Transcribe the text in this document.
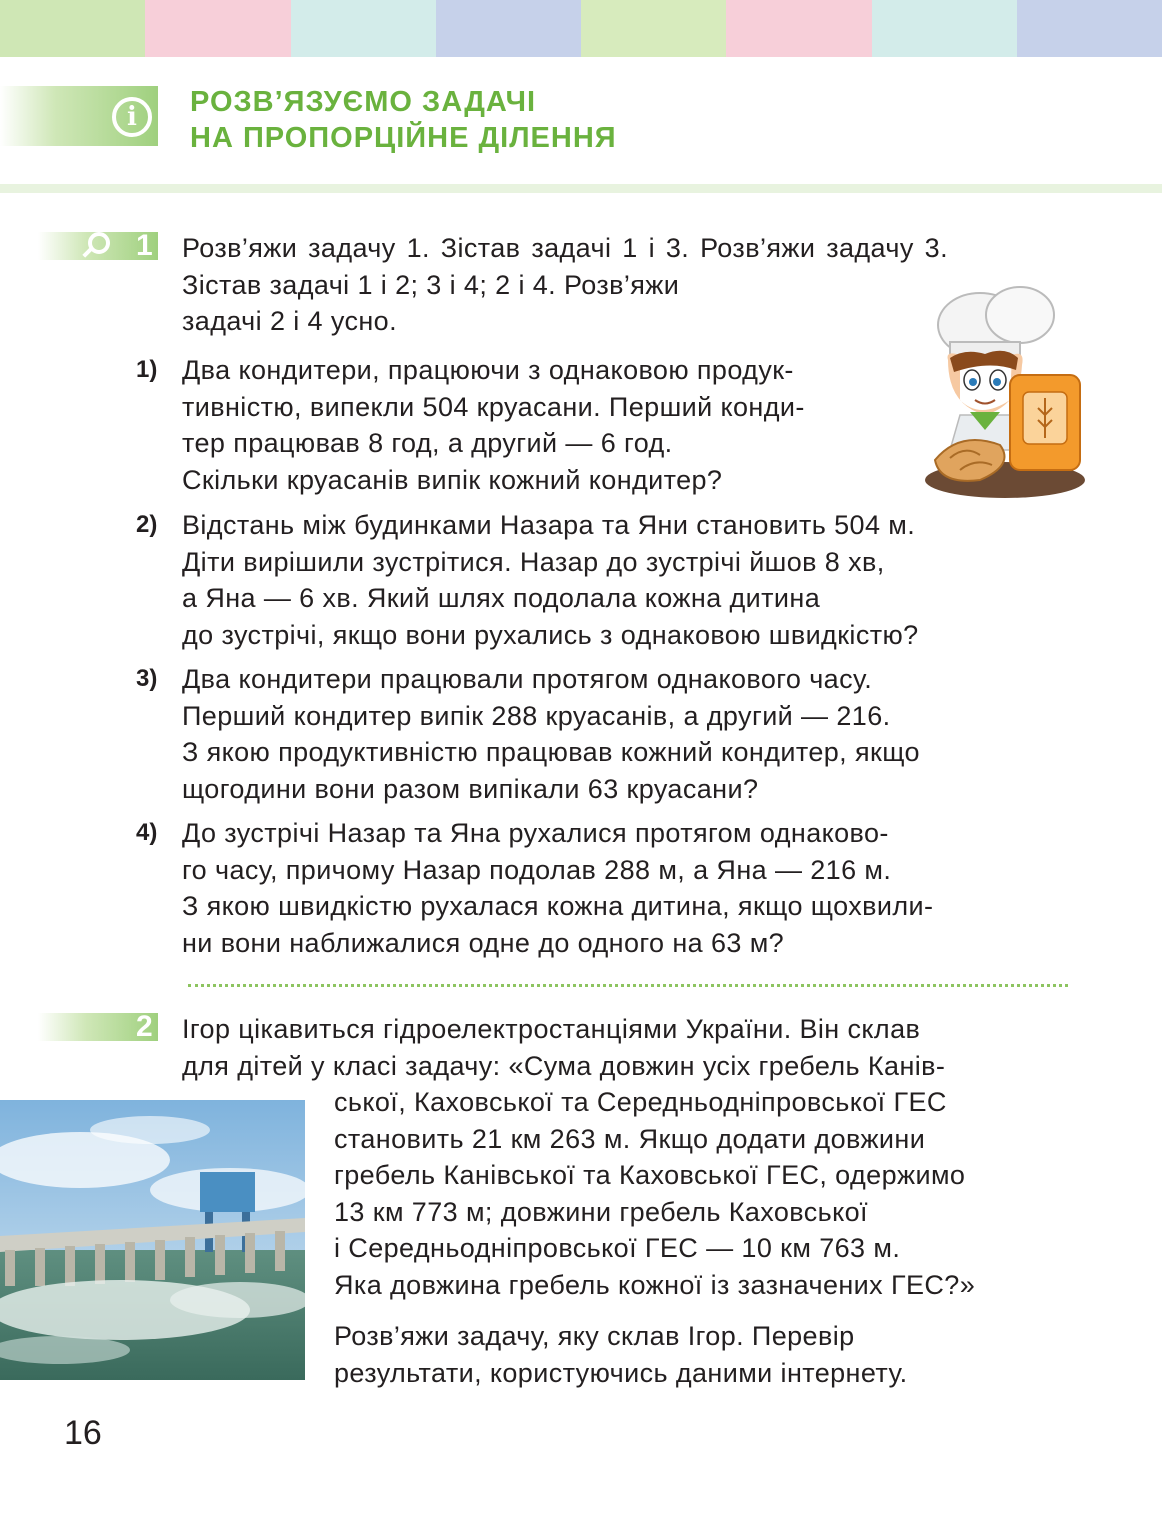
i	РОЗВ’ЯЗУЄМО ЗАДАЧІ
НА ПРОПОРЦІЙНЕ ДІЛЕННЯ
1 Розв’яжи задачу 1. Зістав задачі 1 і 3. Розв’яжи задачу 3.

Зістав задачі 1 і 2; 3 і 4; 2 і 4. Розв’яжи

задачі 2 і 4 усно.

1) Два кондитери, працюючи з однаковою продук-

тивністю, випекли 504 круасани. Перший конди-

тер працював 8 год, а другий — 6 год.

Скільки круасанів випік кожний кондитер?

2) Відстань між будинками Назара та Яни становить 504 м.

Діти вирішили зустрітися. Назар до зустрічі йшов 8 хв,

а Яна — 6 хв. Який шлях подолала кожна дитина

до зустрічі, якщо вони рухались з однаковою швидкістю?

3) Два кондитери працювали протягом однакового часу.

Перший кондитер випік 288 круасанів, а другий — 216.

З якою продуктивністю працював кожний кондитер, якщо

щогодини вони разом випікали 63 круасани?

4) До зустрічі Назар та Яна рухалися протягом однаково-

го часу, причому Назар подолав 288 м, а Яна — 216 м.

З якою швидкістю рухалася кожна дитина, якщо щохвили-

ни вони наближалися одне до одного на 63 м?

2 Ігор цікавиться гідроелектростанціями України. Він склав

для дітей у класі задачу: «Сума довжин усіх гребель Канів-

ської, Каховської та Середньодніпровської ГЕС

становить 21 км 263 м. Якщо додати довжини

гребель Канівської та Каховської ГЕС, одержимо

13 км 773 м; довжини гребель Каховської

і Середньодніпровської ГЕС — 10 км 763 м.

Яка довжина гребель кожної із зазначених ГЕС?»

Розв’яжи задачу, яку склав Ігор. Перевір

результати, користуючись даними інтернету.

16
